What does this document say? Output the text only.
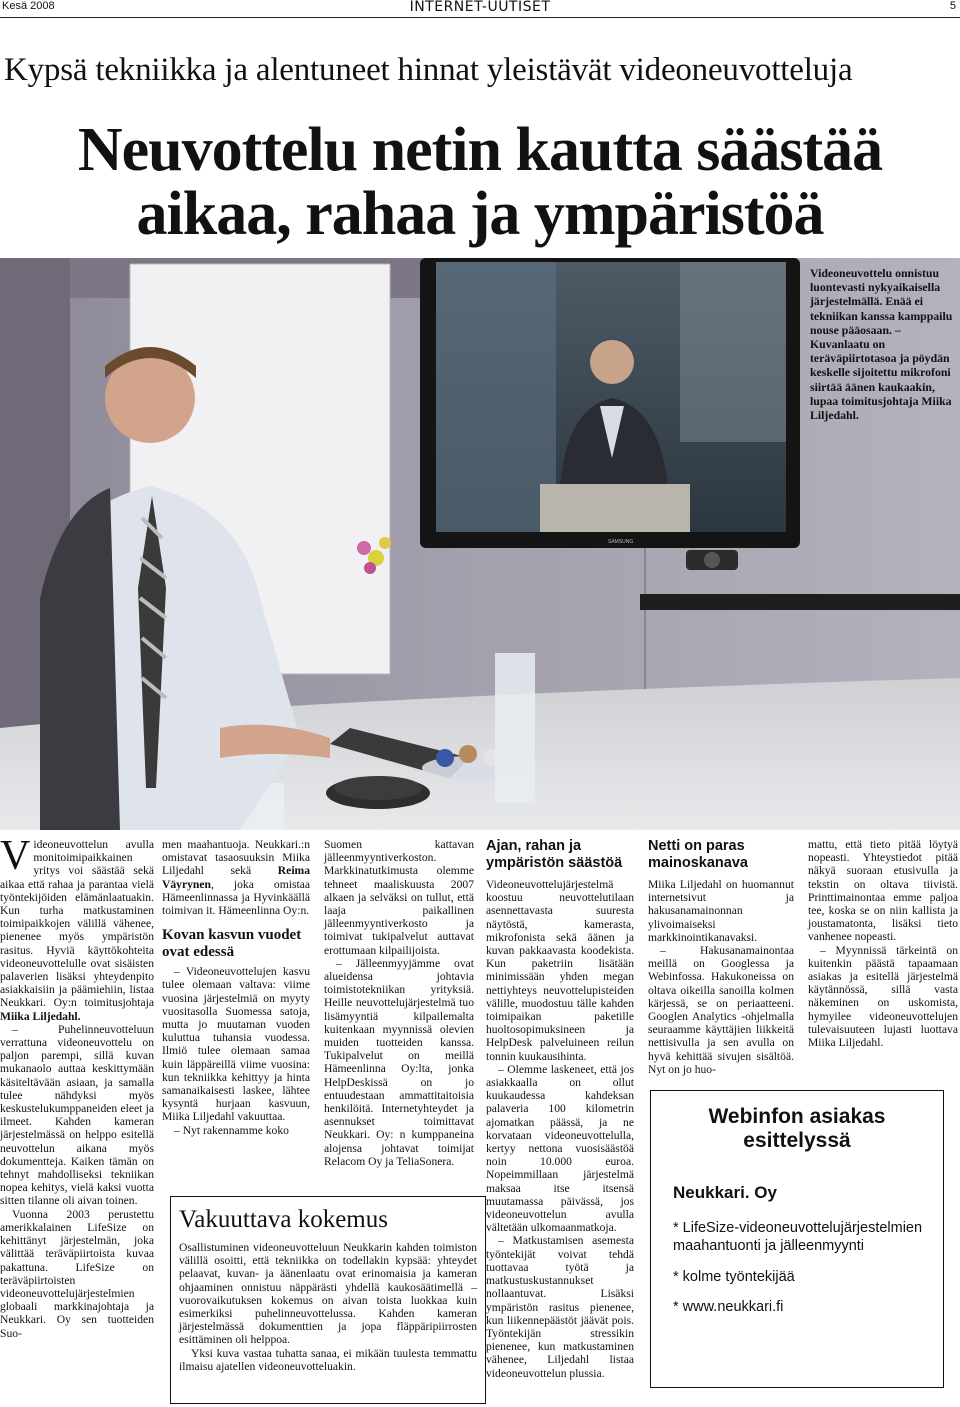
Kesä 2008	INTERNET-UUTISET	5
Kypsä tekniikka ja alentuneet hinnat yleistävät videoneuvotteluja
Neuvottelu netin kautta säästää
aikaa, rahaa ja ympäristöä
SAMSUNG
Videoneuvottelu onnistuu luontevasti nykyaikaisella järjestelmällä. Enää ei tekniikan kanssa kamppailu nouse pääosaan. – Kuvanlaatu on teräväpiirtotasoa ja pöydän keskelle sijoitettu mikrofoni siirtää äänen kaukaakin, lupaa toimitusjohtaja Miika Liljedahl.

Videoneuvottelun avulla monitoimipaikkainen yritys voi säästää sekä aikaa että rahaa ja parantaa vielä työntekijöiden elämänlaatuakin. Kun turha matkustaminen toimipaikkojen välillä vähenee, pienenee myös ympäristön rasitus. Hyviä käyttökohteita videoneuvottelulle ovat sisäisten palaverien lisäksi yhteydenpito asiakkaisiin ja päämiehiin, listaa Neukkari. Oy:n toimitusjohtaja Miika Liljedahl.

– Puhelinneuvotteluun verrattuna videoneuvottelu on paljon parempi, sillä kuvan mukanaolo auttaa keskittymään käsiteltävään asiaan, ja samalla tulee nähdyksi myös keskustelukumppaneiden eleet ja ilmeet. Kahden kameran järjestelmässä on helppo esitellä neuvottelun aikana myös dokumentteja. Kaiken tämän on tehnyt mahdolliseksi tekniikan nopea kehitys, vielä kaksi vuotta sitten tilanne oli aivan toinen.

Vuonna 2003 perustettu amerikkalainen LifeSize on kehittänyt järjestelmän, joka välittää teräväpiirtoista kuvaa pakattuna. LifeSize on teräväpiirtoisten videoneuvottelujärjestelmien globaali markkinajohtaja ja Neukkari. Oy sen tuotteiden Suo-

men maahantuoja. Neukkari.:n omistavat tasaosuuksin Miika Liljedahl sekä Reima Väyrynen, joka omistaa Hämeenlinnassa ja Hyvinkäällä toimivan it. Hämeenlinna Oy:n.

Kovan kasvun vuodet ovat edessä

– Videoneuvottelujen kasvu tulee olemaan valtava: viime vuosina järjestelmiä on myyty vuositasolla Suomessa satoja, mutta jo muutaman vuoden kuluttua tuhansia vuodessa. Ilmiö tulee olemaan samaa kuin läppäreillä viime vuosina: kun tekniikka kehittyy ja hinta samanaikaisesti laskee, lähtee kysyntä hurjaan kasvuun, Miika Liljedahl vakuuttaa.

– Nyt rakennamme koko

Suomen kattavan jälleenmyyntiverkoston. Markkinatutkimusta olemme tehneet maaliskuusta 2007 alkaen ja selväksi on tullut, että laaja paikallinen jälleenmyyntiverkosto ja toimivat tukipalvelut auttavat erottumaan kilpailijoista.

– Jälleenmyyjämme ovat alueidensa johtavia toimistotekniikan yrityksiä. Heille neuvottelujärjestelmä tuo lisämyyntiä kilpailemalta kuitenkaan myynnissä olevien muiden tuotteiden kanssa. Tukipalvelut on meillä Hämeenlinna Oy:lta, jonka HelpDeskissä on jo entuudestaan ammattitaitoisia henkilöitä. Internetyhteydet ja asennukset toimittavat Neukkari. Oy: n kumppaneina alojensa johtavat toimijat Relacom Oy ja TeliaSonera.

Ajan, rahan ja ympäristön säästöä

Videoneuvottelujärjestelmä koostuu neuvottelutilaan asennettavasta suuresta näytöstä, kamerasta, mikrofonista sekä äänen ja kuvan pakkaavasta koodekista. Kun paketriin lisätään minimissään yhden megan nettiyhteys neuvottelupisteiden välille, muodostuu tälle kahden toimipaikan paketille huoltosopimuksineen ja HelpDesk palveluineen reilun tonnin kuukausihinta.

– Olemme laskeneet, että jos asiakkaalla on ollut kuukaudessa kahdeksan palaveria 100 kilometrin ajomatkan päässä, ja ne korvataan videoneuvottelulla, kertyy nettona vuosisäästöä noin 10.000 euroa. Nopeimmillaan järjestelmä maksaa itse itsensä muutamassa päivässä, jos videoneuvottelun avulla vältetään ulkomaanmatkoja.

– Matkustamisen asemesta työntekijät voivat tehdä tuottavaa työtä ja matkustuskustannukset nollaantuvat. Lisäksi ympäristön rasitus pienenee, kun liikennepäästöt jäävät pois. Työntekijän stressikin pienenee, kun matkustaminen vähenee, Liljedahl listaa videoneuvottelun plussia.

Netti on paras mainoskanava

Miika Liljedahl on huomannut internetsivut ja hakusanamainonnan ylivoimaiseksi markkinointikanavaksi.

– Hakusanamainontaa meillä on Googlessa ja Webinfossa. Hakukoneissa on oltava oikeilla sanoilla kolmen kärjessä, se on periaatteeni. Googlen Analytics -ohjelmalla seuraamme käyttäjien liikkeitä nettisivulla ja sen avulla on hyvä kehittää sivujen sisältöä. Nyt on jo huo-

mattu, että tieto pitää löytyä nopeasti. Yhteystiedot pitää näkyä suoraan etusivulla ja tekstin on oltava tiivistä. Printtimainontaa emme paljoa tee, koska se on niin kallista ja joustamatonta, lisäksi tieto vanhenee nopeasti.

– Myynnissä tärkeintä on kuitenkin päästä tapaamaan asiakas ja esitellä järjestelmä käytännössä, sillä vasta näkeminen on uskomista, hymyilee videoneuvottelujen tulevaisuuteen lujasti luottava Miika Liljedahl.

Vakuuttava kokemus

Osallistuminen videoneuvotteluun Neukkarin kahden toimiston välillä osoitti, että tekniikka on todellakin kypsää: yhteydet pelaavat, kuvan- ja äänenlaatu ovat erinomaisia ja kameran ohjaaminen onnistuu näppärästi yhdellä kaukosäätimellä – vuorovaikutuksen kokemus on aivan toista luokkaa kuin esimerkiksi puhelinneuvottelussa. Kahden kameran järjestelmässä dokumenttien ja jopa fläppäripiirrosten esittäminen oli helppoa.

Yksi kuva vastaa tuhatta sanaa, ei mikään tuulesta temmattu ilmaisu ajatellen videoneuvotteluakin.

Webinfon asiakas
esittelyssä
Neukkari. Oy
* LifeSize-videoneuvottelujärjestelmien maahantuonti ja jälleenmyynti
* kolme työntekijää
* www.neukkari.fi
